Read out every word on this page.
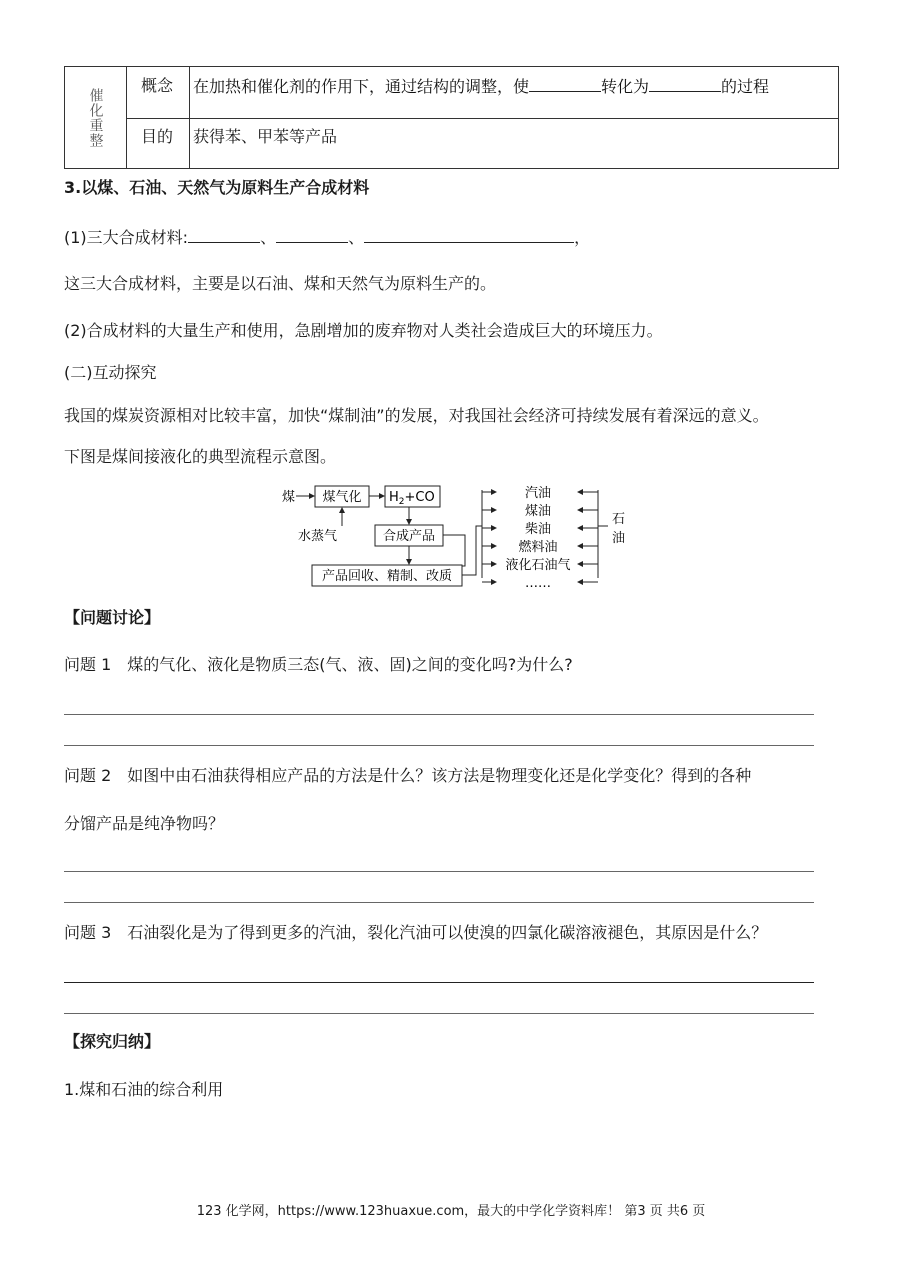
催化重整
概念 在加热和催化剂的作用下，通过结构的调整，使	转化为	的过程
目的 获得苯、甲苯等产品
3.以煤、石油、天然气为原料生产合成材料
(1)三大合成材料:	、	、	，
这三大合成材料，主要是以石油、煤和天然气为原料生产的。
(2)合成材料的大量生产和使用，急剧增加的废弃物对人类社会造成巨大的环境压力。
(二)互动探究
我国的煤炭资源相对比较丰富，加快“煤制油”的发展，对我国社会经济可持续发展有着深远的意义。
下图是煤间接液化的典型流程示意图。
煤 煤气化 $H_2+CO$
水蒸气	合成产品
产品回收、精制、改质
汽油
煤油
柴油
燃料油
液化石油气
……
石
油
【问题讨论】
问题 1　煤的气化、液化是物质三态(气、液、固)之间的变化吗?为什么?
问题 2　如图中由石油获得相应产品的方法是什么？该方法是物理变化还是化学变化？得到的各种
分馏产品是纯净物吗？
问题 3　石油裂化是为了得到更多的汽油，裂化汽油可以使溴的四氯化碳溶液褪色，其原因是什么？
【探究归纳】
1.煤和石油的综合利用
123 化学网，https://www.123huaxue.com，最大的中学化学资料库！ 第3 页 共6 页
